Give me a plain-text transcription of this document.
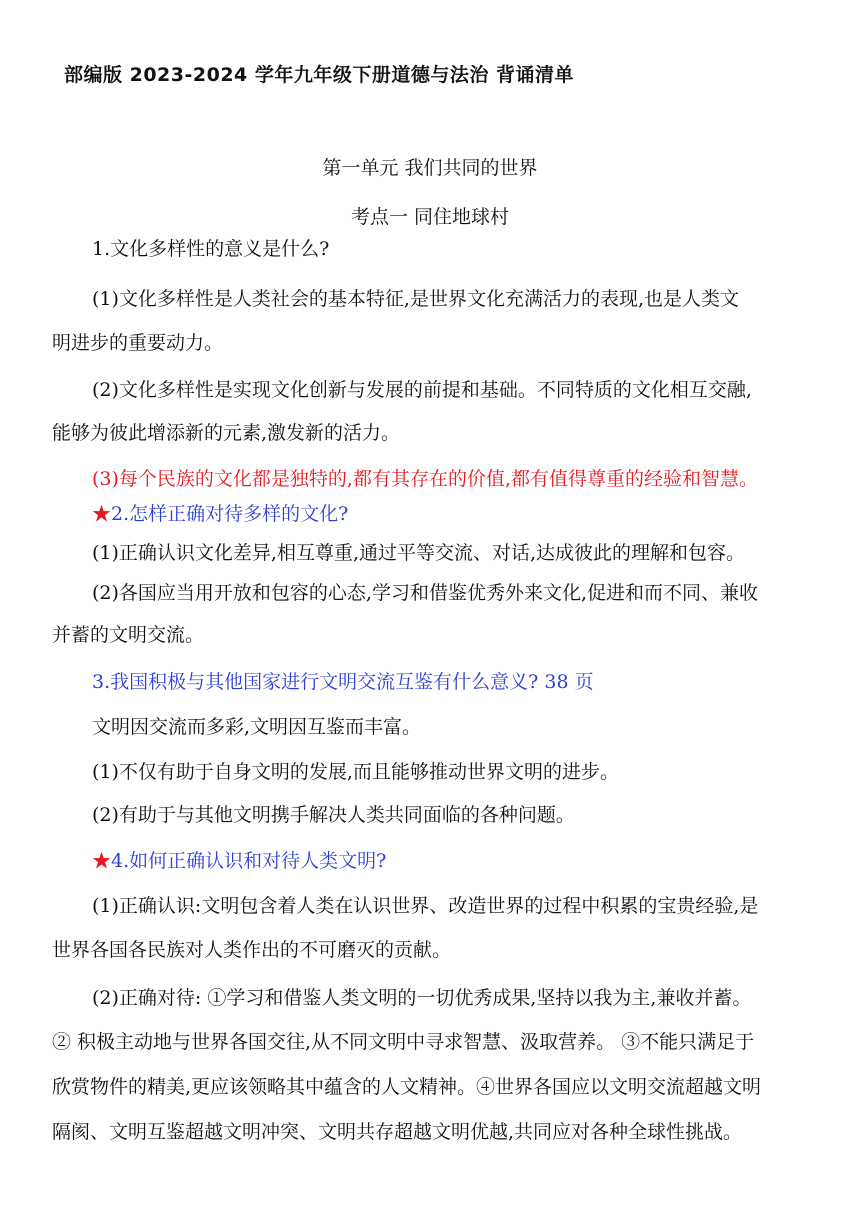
部编版 2023-2024 学年九年级下册道德与法治 背诵清单
第一单元 我们共同的世界
考点一 同住地球村
1.文化多样性的意义是什么?
(1)文化多样性是人类社会的基本特征,是世界文化充满活力的表现,也是人类文
明进步的重要动力。
(2)文化多样性是实现文化创新与发展的前提和基础。不同特质的文化相互交融,
能够为彼此增添新的元素,激发新的活力。
(3)每个民族的文化都是独特的,都有其存在的价值,都有值得尊重的经验和智慧。
★2.怎样正确对待多样的文化?
(1)正确认识文化差异,相互尊重,通过平等交流、对话,达成彼此的理解和包容。
(2)各国应当用开放和包容的心态,学习和借鉴优秀外来文化,促进和而不同、兼收
并蓄的文明交流。
3.我国积极与其他国家进行文明交流互鉴有什么意义? 38 页
文明因交流而多彩,文明因互鉴而丰富。
(1)不仅有助于自身文明的发展,而且能够推动世界文明的进步。
(2)有助于与其他文明携手解决人类共同面临的各种问题。
★4.如何正确认识和对待人类文明?
(1)正确认识:文明包含着人类在认识世界、改造世界的过程中积累的宝贵经验,是
世界各国各民族对人类作出的不可磨灭的贡献。
(2)正确对待: ①学习和借鉴人类文明的一切优秀成果,坚持以我为主,兼收并蓄。
② 积极主动地与世界各国交往,从不同文明中寻求智慧、汲取营养。 ③不能只满足于
欣赏物件的精美,更应该领略其中蕴含的人文精神。④世界各国应以文明交流超越文明
隔阂、文明互鉴超越文明冲突、文明共存超越文明优越,共同应对各种全球性挑战。
